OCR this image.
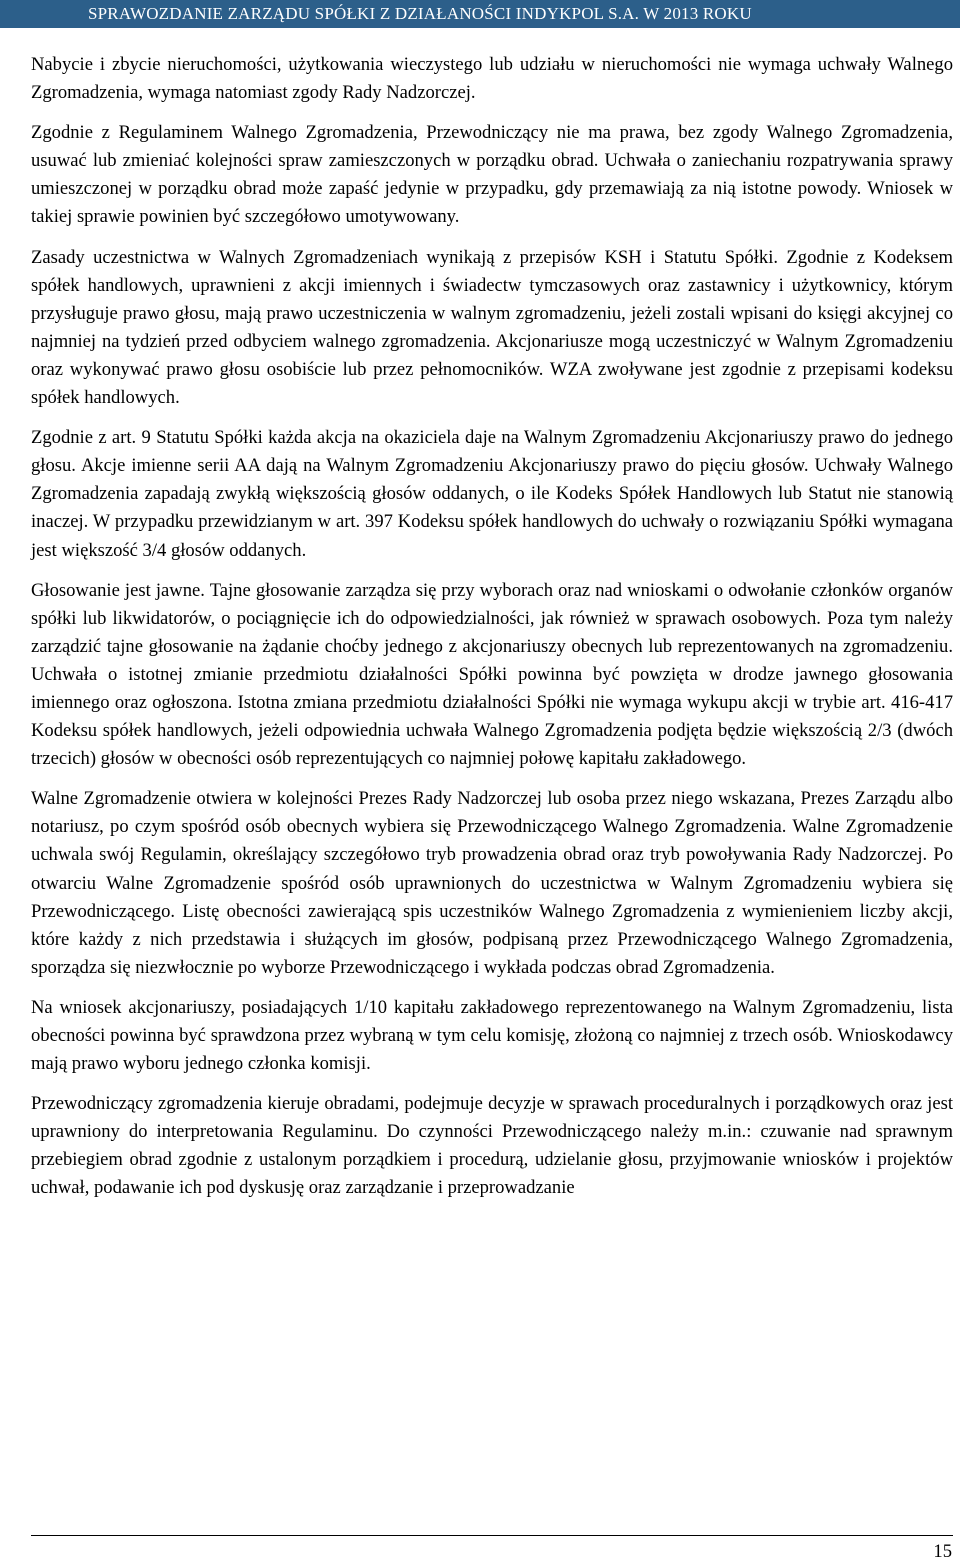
SPRAWOZDANIE ZARZĄDU SPÓŁKI Z DZIAŁANOŚCI INDYKPOL S.A. W 2013 ROKU

Nabycie i zbycie nieruchomości, użytkowania wieczystego lub udziału w nieruchomości nie wymaga uchwały Walnego Zgromadzenia, wymaga natomiast zgody Rady Nadzorczej.

Zgodnie z Regulaminem Walnego Zgromadzenia, Przewodniczący nie ma prawa, bez zgody Walnego Zgromadzenia, usuwać lub zmieniać kolejności spraw zamieszczonych w porządku obrad. Uchwała o zaniechaniu rozpatrywania sprawy umieszczonej w porządku obrad może zapaść jedynie w przypadku, gdy przemawiają za nią istotne powody. Wniosek w takiej sprawie powinien być szczegółowo umotywowany.

Zasady uczestnictwa w Walnych Zgromadzeniach wynikają z przepisów KSH i Statutu Spółki. Zgodnie z Kodeksem spółek handlowych, uprawnieni z akcji imiennych i świadectw tymczasowych oraz zastawnicy i użytkownicy, którym przysługuje prawo głosu, mają prawo uczestniczenia w walnym zgromadzeniu, jeżeli zostali wpisani do księgi akcyjnej co najmniej na tydzień przed odbyciem walnego zgromadzenia. Akcjonariusze mogą uczestniczyć w Walnym Zgromadzeniu oraz wykonywać prawo głosu osobiście lub przez pełnomocników. WZA zwoływane jest zgodnie z przepisami kodeksu spółek handlowych.

Zgodnie z art. 9 Statutu Spółki każda akcja na okaziciela daje na Walnym Zgromadzeniu Akcjonariuszy prawo do jednego głosu. Akcje imienne serii AA dają na Walnym Zgromadzeniu Akcjonariuszy prawo do pięciu głosów. Uchwały Walnego Zgromadzenia zapadają zwykłą większością głosów oddanych, o ile Kodeks Spółek Handlowych lub Statut nie stanowią inaczej. W przypadku przewidzianym w art. 397 Kodeksu spółek handlowych do uchwały o rozwiązaniu Spółki wymagana jest większość 3/4 głosów oddanych.

Głosowanie jest jawne. Tajne głosowanie zarządza się przy wyborach oraz nad wnioskami o odwołanie członków organów spółki lub likwidatorów, o pociągnięcie ich do odpowiedzialności, jak również w sprawach osobowych. Poza tym należy zarządzić tajne głosowanie na żądanie choćby jednego z akcjonariuszy obecnych lub reprezentowanych na zgromadzeniu. Uchwała o istotnej zmianie przedmiotu działalności Spółki powinna być powzięta w drodze jawnego głosowania imiennego oraz ogłoszona. Istotna zmiana przedmiotu działalności Spółki nie wymaga wykupu akcji w trybie art. 416-417 Kodeksu spółek handlowych, jeżeli odpowiednia uchwała Walnego Zgromadzenia podjęta będzie większością 2/3 (dwóch trzecich) głosów w obecności osób reprezentujących co najmniej połowę kapitału zakładowego.

Walne Zgromadzenie otwiera w kolejności Prezes Rady Nadzorczej lub osoba przez niego wskazana, Prezes Zarządu albo notariusz, po czym spośród osób obecnych wybiera się Przewodniczącego Walnego Zgromadzenia. Walne Zgromadzenie uchwala swój Regulamin, określający szczegółowo tryb prowadzenia obrad oraz tryb powoływania Rady Nadzorczej. Po otwarciu Walne Zgromadzenie spośród osób uprawnionych do uczestnictwa w Walnym Zgromadzeniu wybiera się Przewodniczącego. Listę obecności zawierającą spis uczestników Walnego Zgromadzenia z wymienieniem liczby akcji, które każdy z nich przedstawia i służących im głosów, podpisaną przez Przewodniczącego Walnego Zgromadzenia, sporządza się niezwłocznie po wyborze Przewodniczącego i wykłada podczas obrad Zgromadzenia.

Na wniosek akcjonariuszy, posiadających 1/10 kapitału zakładowego reprezentowanego na Walnym Zgromadzeniu, lista obecności powinna być sprawdzona przez wybraną w tym celu komisję, złożoną co najmniej z trzech osób. Wnioskodawcy mają prawo wyboru jednego członka komisji.

Przewodniczący zgromadzenia kieruje obradami, podejmuje decyzje w sprawach proceduralnych i porządkowych oraz jest uprawniony do interpretowania Regulaminu. Do czynności Przewodniczącego należy m.in.: czuwanie nad sprawnym przebiegiem obrad zgodnie z ustalonym porządkiem i procedurą, udzielanie głosu, przyjmowanie wniosków i projektów uchwał, podawanie ich pod dyskusję oraz zarządzanie i przeprowadzanie

15
